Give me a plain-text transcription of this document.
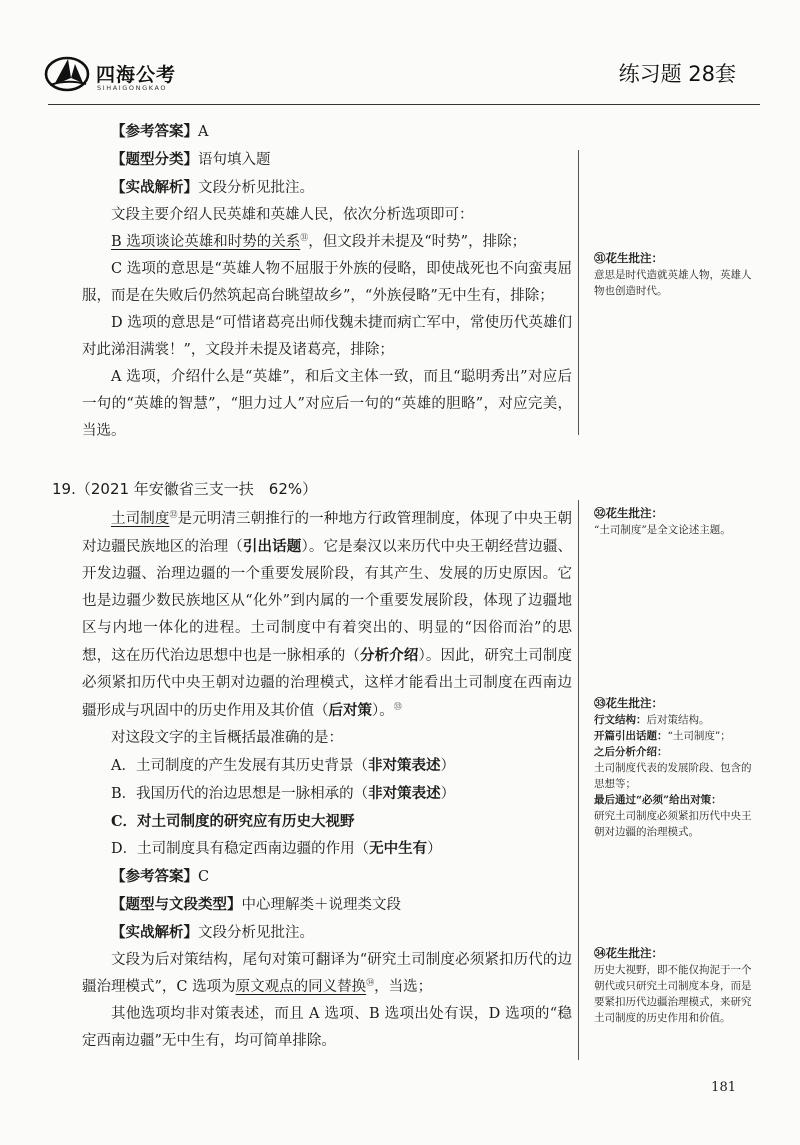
四海公考
SIHAIGONGKAO
练习题 28套

【参考答案】A

【题型分类】语句填入题

【实战解析】文段分析见批注。

文段主要介绍人民英雄和英雄人民，依次分析选项即可：

B 选项谈论英雄和时势的关系$^㉛$，但文段并未提及“时势”，排除；

C 选项的意思是“英雄人物不屈服于外族的侵略，即使战死也不向蛮夷屈服，而是在失败后仍然筑起高台眺望故乡”，“外族侵略”无中生有，排除；

D 选项的意思是“可惜诸葛亮出师伐魏未捷而病亡军中，常使历代英雄们对此涕泪满裳！”，文段并未提及诸葛亮，排除；

A 选项，介绍什么是“英雄”，和后文主体一致，而且“聪明秀出”对应后一句的“英雄的智慧”，“胆力过人”对应后一句的“英雄的胆略”，对应完美，当选。

19.（2021 年安徽省三支一扶　62%）

土司制度$^㉜$是元明清三朝推行的一种地方行政管理制度，体现了中央王朝对边疆民族地区的治理（引出话题）。它是秦汉以来历代中央王朝经营边疆、开发边疆、治理边疆的一个重要发展阶段，有其产生、发展的历史原因。它也是边疆少数民族地区从“化外”到内属的一个重要发展阶段，体现了边疆地区与内地一体化的进程。土司制度中有着突出的、明显的“因俗而治”的思想，这在历代治边思想中也是一脉相承的（分析介绍）。因此，研究土司制度必须紧扣历代中央王朝对边疆的治理模式，这样才能看出土司制度在西南边疆形成与巩固中的历史作用及其价值（后对策）。$^㉝$

对这段文字的主旨概括最准确的是：

A．土司制度的产生发展有其历史背景（非对策表述）

B．我国历代的治边思想是一脉相承的（非对策表述）

C．对土司制度的研究应有历史大视野

D．土司制度具有稳定西南边疆的作用（无中生有）

【参考答案】C

【题型与文段类型】中心理解类＋说理类文段

【实战解析】文段分析见批注。

文段为后对策结构，尾句对策可翻译为“研究土司制度必须紧扣历代的边疆治理模式”，C 选项为原文观点的同义替换$^㉞$，当选；

其他选项均非对策表述，而且 A 选项、B 选项出处有误，D 选项的“稳定西南边疆”无中生有，均可简单排除。

㉛花生批注：

意思是时代造就英雄人物，英雄人物也创造时代。

㉜花生批注：

“土司制度”是全文论述主题。

㉝花生批注：

行文结构：后对策结构。

开篇引出话题：“土司制度”；

之后分析介绍：

土司制度代表的发展阶段、包含的思想等；

最后通过“必须”给出对策：

研究土司制度必须紧扣历代中央王朝对边疆的治理模式。

㉞花生批注：

历史大视野，即不能仅拘泥于一个朝代或只研究土司制度本身，而是要紧扣历代边疆治理模式，来研究土司制度的历史作用和价值。

181
